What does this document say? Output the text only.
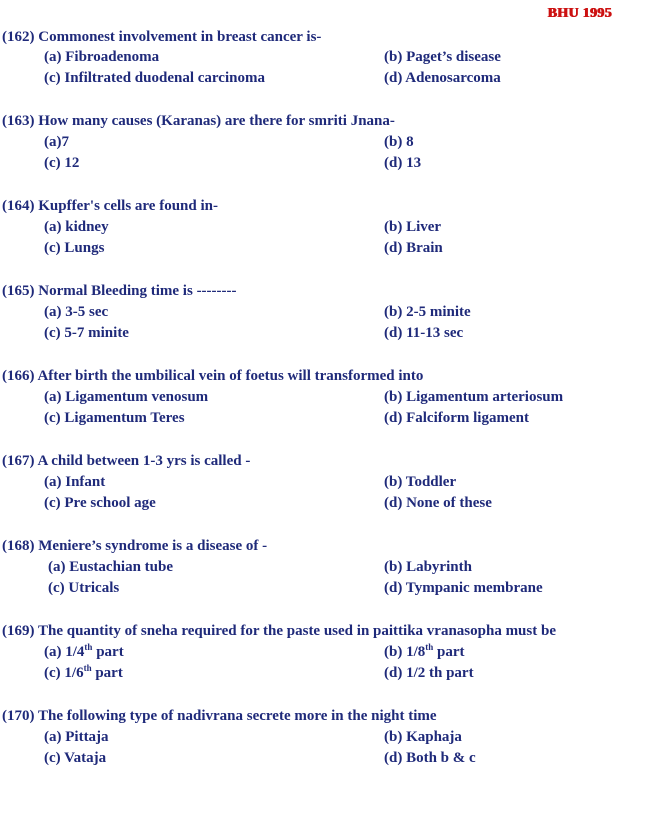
BHU 1995
(162) Commonest involvement in breast cancer is-
(a) Fibroadenoma	(b) Paget’s disease
(c) Infiltrated duodenal carcinoma	(d) Adenosarcoma
(163) How many causes (Karanas) are there for smriti Jnana-
(a)7	(b) 8
(c) 12	(d) 13
(164) Kupffer's cells are found in-
(a) kidney	(b) Liver
(c) Lungs	(d) Brain
(165) Normal Bleeding time is --------
(a) 3-5 sec	(b) 2-5 minite
(c) 5-7 minite	(d) 11-13 sec
(166) After birth the umbilical vein of foetus will transformed into
(a) Ligamentum venosum	(b) Ligamentum arteriosum
(c) Ligamentum Teres	(d) Falciform ligament
(167) A child between 1-3 yrs is called -
(a) Infant	(b) Toddler
(c) Pre school age	(d) None of these
(168) Meniere’s syndrome is a disease of -
(a) Eustachian tube	(b) Labyrinth
(c) Utricals	(d) Tympanic membrane
(169) The quantity of sneha required for the paste used in paittika vranasopha must be
(a) 1/4th part	(b) 1/8th part
(c) 1/6th part	(d) 1/2 th part
(170) The following type of nadivrana secrete more in the night time
(a) Pittaja	(b) Kaphaja
(c) Vataja	(d) Both b & c
